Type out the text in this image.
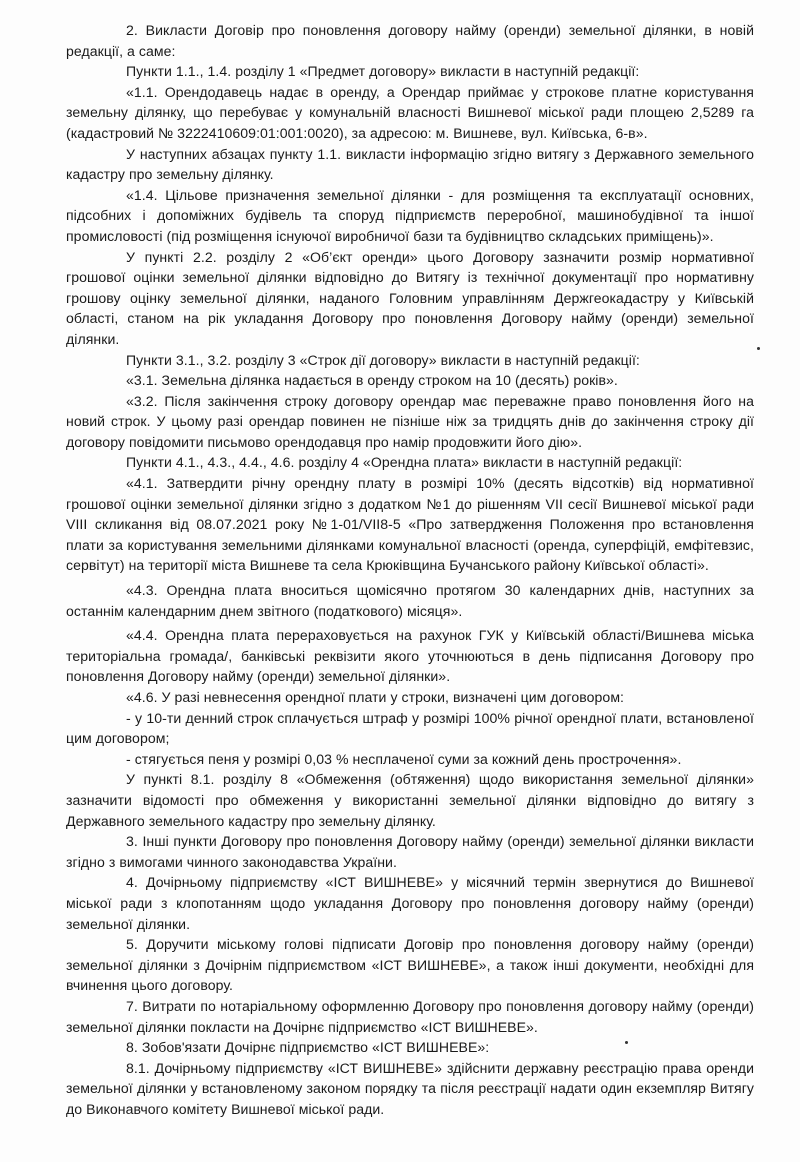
2. Викласти Договір про поновлення договору найму (оренди) земельної ділянки, в новій редакції, а саме:

Пункти 1.1., 1.4. розділу 1 «Предмет договору» викласти в наступній редакції:

«1.1. Орендодавець надає в оренду, а Орендар приймає у строкове платне користування земельну ділянку, що перебуває у комунальній власності Вишневої міської ради площею 2,5289 га (кадастровий № 3222410609:01:001:0020), за адресою: м. Вишневе, вул. Київська, 6-в».

У наступних абзацах пункту 1.1. викласти інформацію згідно витягу з Державного земельного кадастру про земельну ділянку.

«1.4. Цільове призначення земельної ділянки - для розміщення та експлуатації основних, підсобних і допоміжних будівель та споруд підприємств переробної, машинобудівної та іншої промисловості (під розміщення існуючої виробничої бази та будівництво складських приміщень)».

У пункті 2.2. розділу 2 «Об’єкт оренди» цього Договору зазначити розмір нормативної грошової оцінки земельної ділянки відповідно до Витягу із технічної документації про нормативну грошову оцінку земельної ділянки, наданого Головним управлінням Держгеокадастру у Київській області, станом на рік укладання Договору про поновлення Договору найму (оренди) земельної ділянки.

Пункти 3.1., 3.2. розділу 3 «Строк дії договору» викласти в наступній редакції:

«3.1. Земельна ділянка надається в оренду строком на 10 (десять) років».

«3.2. Після закінчення строку договору орендар має переважне право поновлення його на новий строк. У цьому разі орендар повинен не пізніше ніж за тридцять днів до закінчення строку дії договору повідомити письмово орендодавця про намір продовжити його дію».

Пункти 4.1., 4.3., 4.4., 4.6. розділу 4 «Орендна плата» викласти в наступній редакції:

«4.1. Затвердити річну орендну плату в розмірі 10% (десять відсотків) від нормативної грошової оцінки земельної ділянки згідно з додатком №1 до рішенням VII сесії Вишневої міської ради VIII скликання від 08.07.2021 року №1-01/VII8-5 «Про затвердження Положення про встановлення плати за користування земельними ділянками комунальної власності (оренда, суперфіцій, емфітевзис, сервітут) на території міста Вишневе та села Крюківщина Бучанського району Київської області».

«4.3. Орендна плата вноситься щомісячно протягом 30 календарних днів, наступних за останнім календарним днем звітного (податкового) місяця».

«4.4. Орендна плата перераховується на рахунок ГУК у Київській області/Вишнева міська територіальна громада/, банківські реквізити якого уточнюються в день підписання Договору про поновлення Договору найму (оренди) земельної ділянки».

«4.6. У разі невнесення орендної плати у строки, визначені цим договором:

- у 10-ти денний строк сплачується штраф у розмірі 100% річної орендної плати, встановленої цим договором;

- стягується пеня у розмірі 0,03 % несплаченої суми за кожний день прострочення».

У пункті 8.1. розділу 8 «Обмеження (обтяження) щодо використання земельної ділянки» зазначити відомості про обмеження у використанні земельної ділянки відповідно до витягу з Державного земельного кадастру про земельну ділянку.

3. Інші пункти Договору про поновлення Договору найму (оренди) земельної ділянки викласти згідно з вимогами чинного законодавства України.

4. Дочірньому підприємству «ІСТ ВИШНЕВЕ» у місячний термін звернутися до Вишневої міської ради з клопотанням щодо укладання Договору про поновлення договору найму (оренди) земельної ділянки.

5. Доручити міському голові підписати Договір про поновлення договору найму (оренди) земельної ділянки з Дочірнім підприємством «ІСТ ВИШНЕВЕ», а також інші документи, необхідні для вчинення цього договору.

7. Витрати по нотаріальному оформленню Договору про поновлення договору найму (оренди) земельної ділянки покласти на Дочірнє підприємство «ІСТ ВИШНЕВЕ».

8. Зобов'язати Дочірнє підприємство «ІСТ ВИШНЕВЕ»:

8.1. Дочірньому підприємству «ІСТ ВИШНЕВЕ» здійснити державну реєстрацію права оренди земельної ділянки у встановленому законом порядку та після реєстрації надати один екземпляр Витягу до Виконавчого комітету Вишневої міської ради.
